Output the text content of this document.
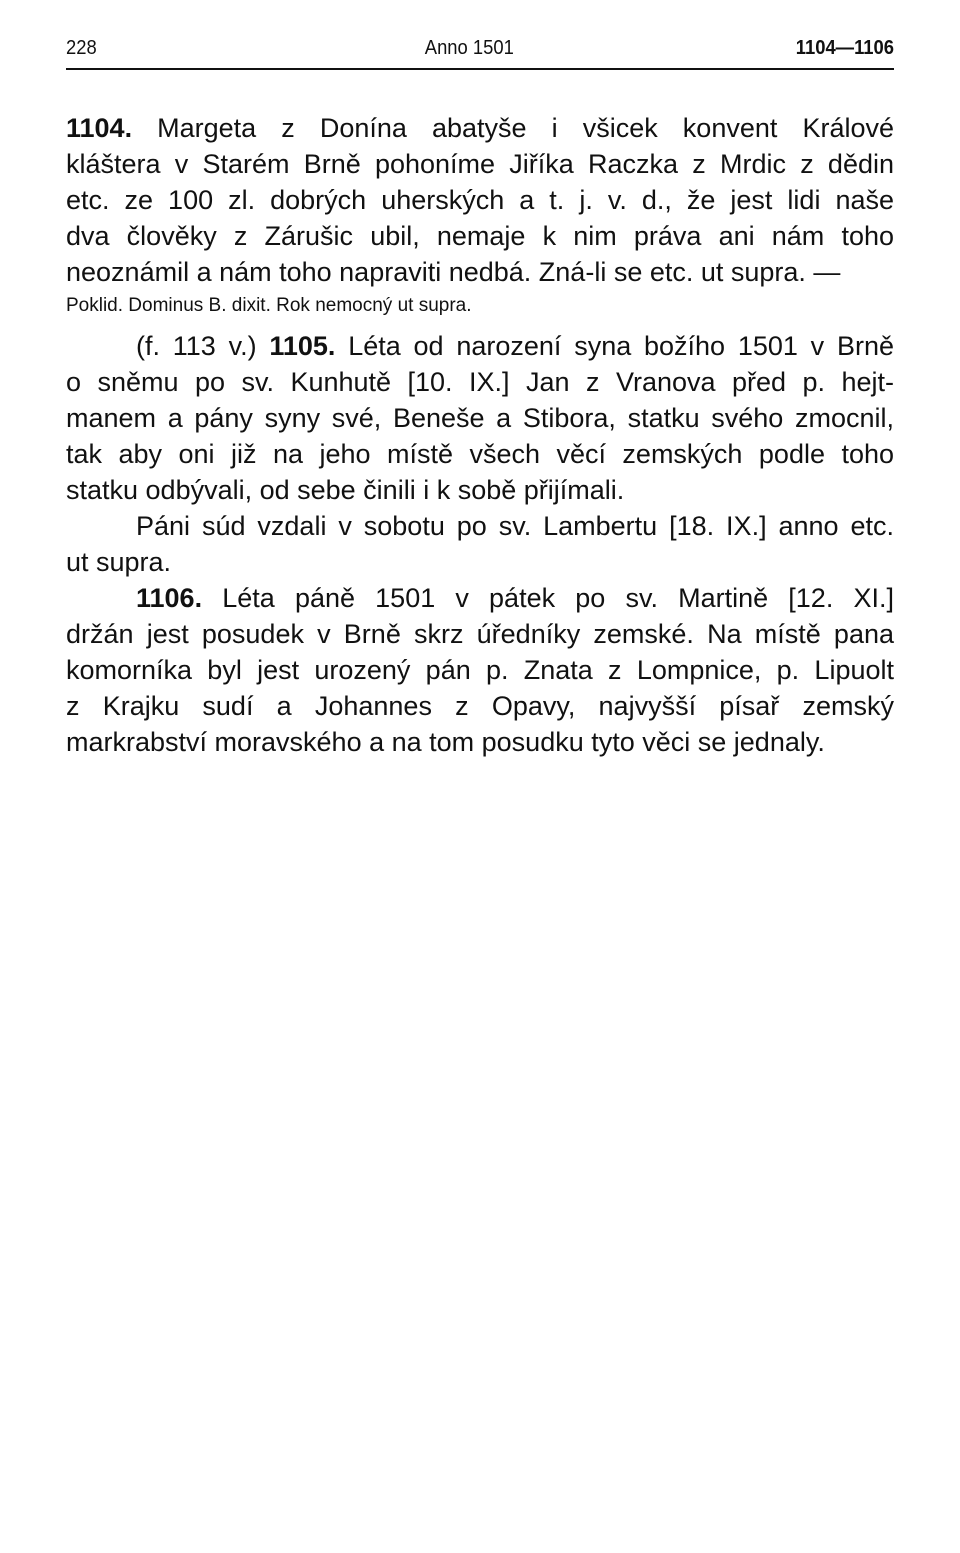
228	Anno 1501	1104—1106
1104. Margeta z Donína abatyše i všicek konvent Králové
kláštera v Starém Brně pohoníme Jiříka Raczka z Mrdic z dědin
etc. ze 100 zl. dobrých uherských a t. j. v. d., že jest lidi naše
dva člověky z Zárušic ubil, nemaje k nim práva ani nám toho
neoznámil a nám toho napraviti nedbá. Zná-li se etc. ut supra. —
Poklid. Dominus B. dixit. Rok nemocný ut supra.
(f. 113 v.) 1105. Léta od narození syna božího 1501 v Brně
o sněmu po sv. Kunhutě [10. IX.] Jan z Vranova před p. hejt-
manem a pány syny své, Beneše a Stibora, statku svého zmocnil,
tak aby oni již na jeho místě všech věcí zemských podle toho
statku odbývali, od sebe činili i k sobě přijímali.
Páni súd vzdali v sobotu po sv. Lambertu [18. IX.] anno etc.
ut supra.
1106. Léta páně 1501 v pátek po sv. Martině [12. XI.]
držán jest posudek v Brně skrz úředníky zemské. Na místě pana
komorníka byl jest urozený pán p. Znata z Lompnice, p. Lipuolt
z Krajku sudí a Johannes z Opavy, najvyšší písař zemský
markrabství moravského a na tom posudku tyto věci se jednaly.
